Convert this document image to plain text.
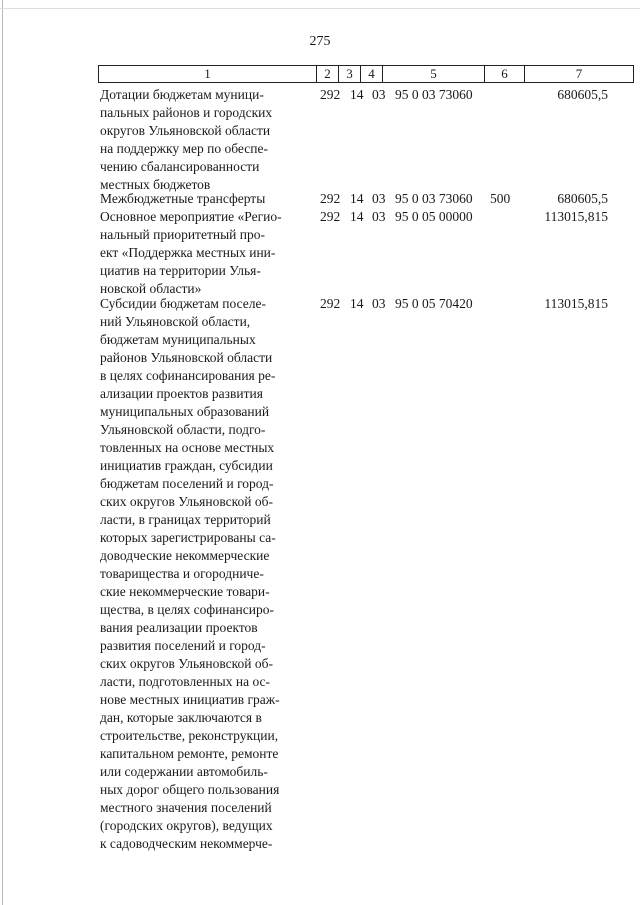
275
1	2	3	4	5	6	7
Дотации бюджетам муници-
пальных районов и городских
округов Ульяновской области
на поддержку мер по обеспе-
чению сбалансированности
местных бюджетов
292 14 03 95 0 03 73060	680605,5
Межбюджетные трансферты	292 14 03 95 0 03 73060 500	680605,5
Основное мероприятие «Регио-
нальный приоритетный про-
ект «Поддержка местных ини-
циатив на территории Улья-
новской области»
292 14 03 95 0 05 00000	113015,815
Субсидии бюджетам поселе-
ний Ульяновской области,
бюджетам муниципальных
районов Ульяновской области
в целях софинансирования ре-
ализации проектов развития
муниципальных образований
Ульяновской области, подго-
товленных на основе местных
инициатив граждан, субсидии
бюджетам поселений и город-
ских округов Ульяновской об-
ласти, в границах территорий
которых зарегистрированы са-
доводческие некоммерческие
товарищества и огородниче-
ские некоммерческие товари-
щества, в целях софинансиро-
вания реализации проектов
развития поселений и город-
ских округов Ульяновской об-
ласти, подготовленных на ос-
нове местных инициатив граж-
дан, которые заключаются в
строительстве, реконструкции,
капитальном ремонте, ремонте
или содержании автомобиль-
ных дорог общего пользования
местного значения поселений
(городских округов), ведущих
к садоводческим некоммерче-
292 14 03 95 0 05 70420	113015,815
